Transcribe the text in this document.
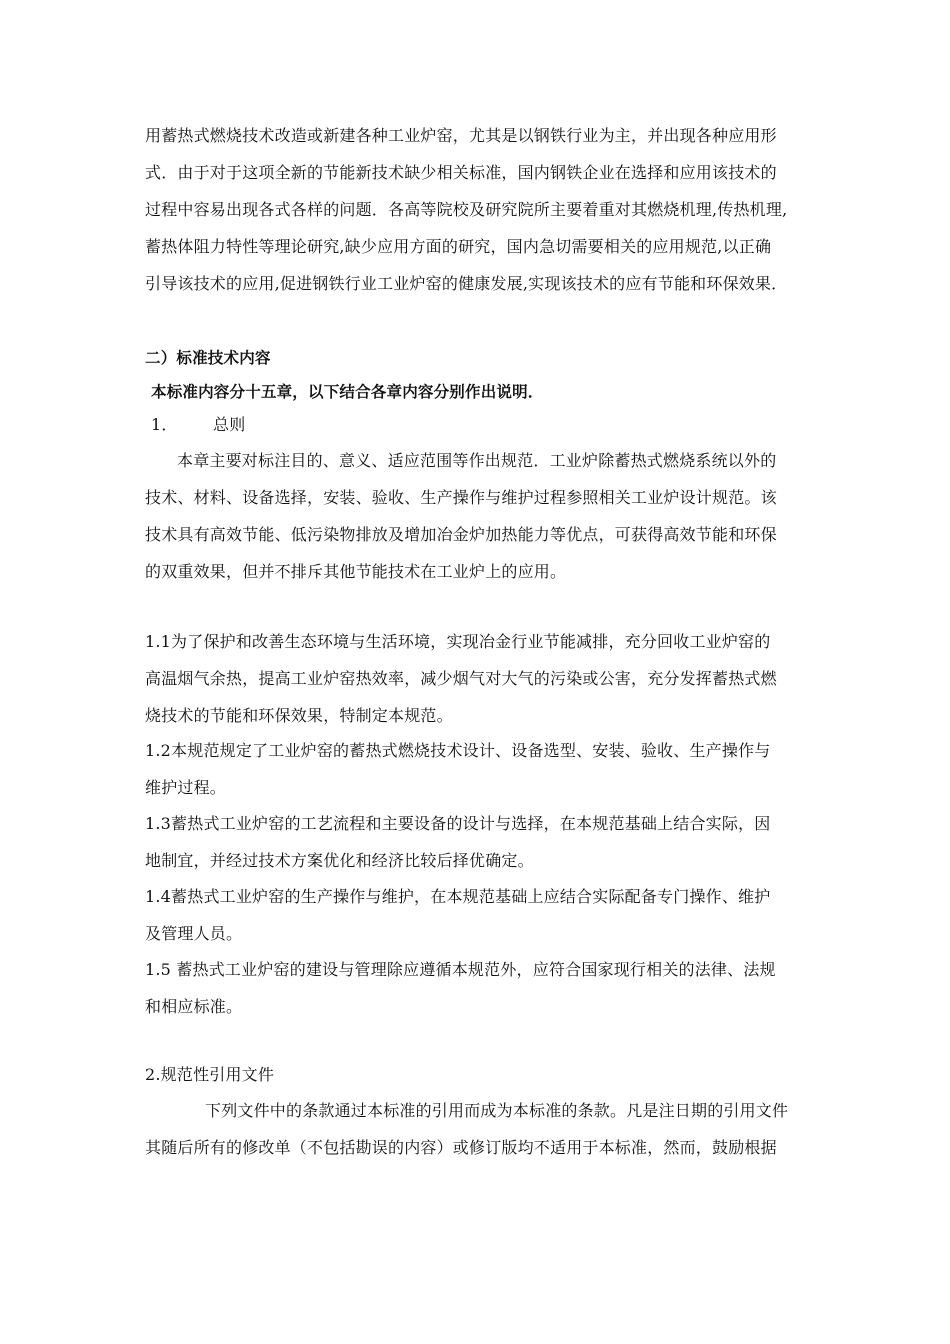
用蓄热式燃烧技术改造或新建各种工业炉窑，尤其是以钢铁行业为主，并出现各种应用形
式．由于对于这项全新的节能新技术缺少相关标准，国内钢铁企业在选择和应用该技术的
过程中容易出现各式各样的问题．各高等院校及研究院所主要着重对其燃烧机理,传热机理,
蓄热体阻力特性等理论研究,缺少应用方面的研究，国内急切需要相关的应用规范,以正确
引导该技术的应用,促进钢铁行业工业炉窑的健康发展,实现该技术的应有节能和环保效果．
二）标准技术内容
本标准内容分十五章，以下结合各章内容分别作出说明．
1． 总则
本章主要对标注目的、意义、适应范围等作出规范．工业炉除蓄热式燃烧系统以外的
技术、材料、设备选择，安装、验收、生产操作与维护过程参照相关工业炉设计规范。该
技术具有高效节能、低污染物排放及增加冶金炉加热能力等优点，可获得高效节能和环保
的双重效果，但并不排斥其他节能技术在工业炉上的应用。
1.1为了保护和改善生态环境与生活环境，实现冶金行业节能减排，充分回收工业炉窑的
高温烟气余热，提高工业炉窑热效率，减少烟气对大气的污染或公害，充分发挥蓄热式燃
烧技术的节能和环保效果，特制定本规范。
1.2本规范规定了工业炉窑的蓄热式燃烧技术设计、设备选型、安装、验收、生产操作与
维护过程。
1.3蓄热式工业炉窑的工艺流程和主要设备的设计与选择，在本规范基础上结合实际，因
地制宜，并经过技术方案优化和经济比较后择优确定。
1.4蓄热式工业炉窑的生产操作与维护，在本规范基础上应结合实际配备专门操作、维护
及管理人员。
1.5 蓄热式工业炉窑的建设与管理除应遵循本规范外，应符合国家现行相关的法律、法规
和相应标准。
2.规范性引用文件
下列文件中的条款通过本标准的引用而成为本标准的条款。凡是注日期的引用文件
其随后所有的修改单（不包括勘误的内容）或修订版均不适用于本标准，然而，鼓励根据
